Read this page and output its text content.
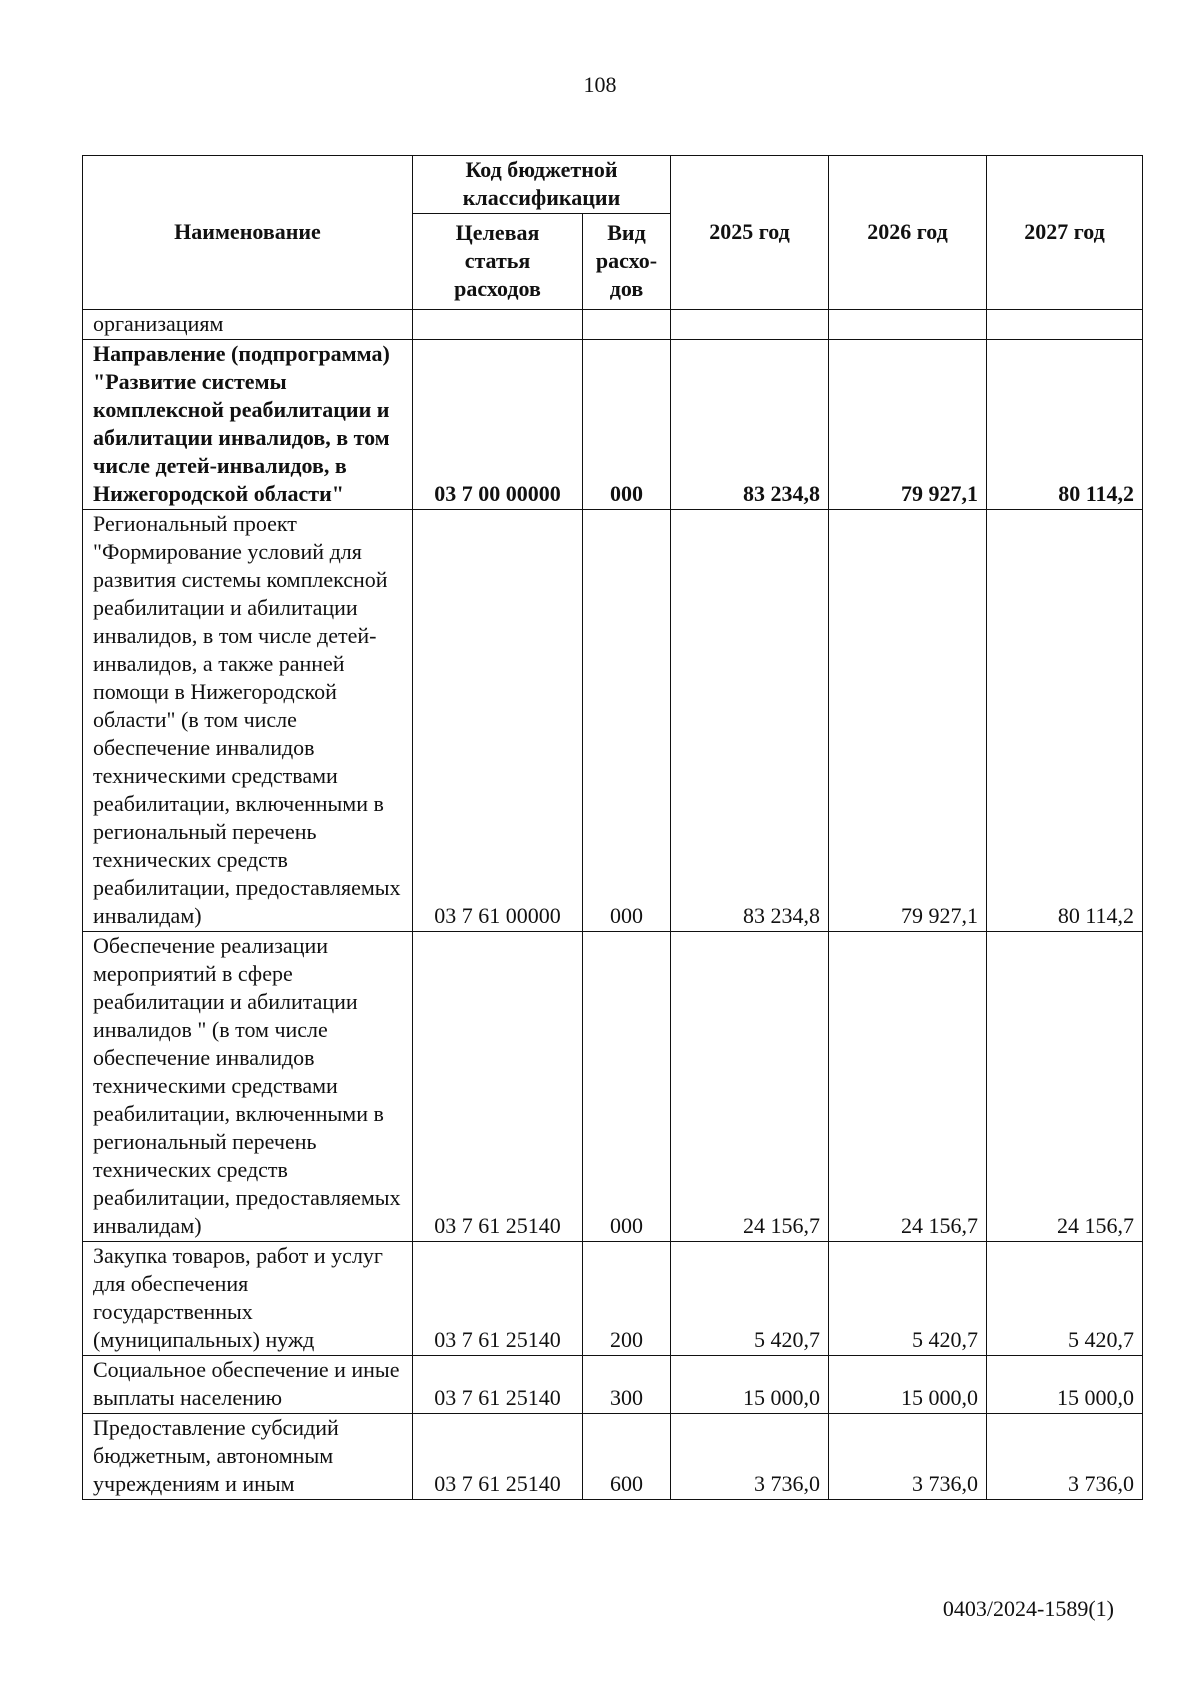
108
Наименование	Код бюджетной классификации		2025 год	2026 год	2027 год
	Целевая статья расходов	Вид расхо-дов			
организациям					
Направление (подпрограмма) "Развитие системы комплексной реабилитации и абилитации инвалидов, в том числе детей-инвалидов, в Нижегородской области"	03 7 00 00000	000	83 234,8	79 927,1	80 114,2
Региональный проект "Формирование условий для развития системы комплексной реабилитации и абилитации инвалидов, в том числе детей-инвалидов, а также ранней помощи в Нижегородской области" (в том числе обеспечение инвалидов техническими средствами реабилитации, включенными в региональный перечень технических средств реабилитации, предоставляемых инвалидам)	03 7 61 00000	000	83 234,8	79 927,1	80 114,2
Обеспечение реализации мероприятий в сфере реабилитации и абилитации инвалидов " (в том числе обеспечение инвалидов техническими средствами реабилитации, включенными в региональный перечень технических средств реабилитации, предоставляемых инвалидам)	03 7 61 25140	000	24 156,7	24 156,7	24 156,7
Закупка товаров, работ и услуг для обеспечения государственных (муниципальных) нужд	03 7 61 25140	200	5 420,7	5 420,7	5 420,7
Социальное обеспечение и иные выплаты населению	03 7 61 25140	300	15 000,0	15 000,0	15 000,0
Предоставление субсидий бюджетным, автономным учреждениям и иным	03 7 61 25140	600	3 736,0	3 736,0	3 736,0
0403/2024-1589(1)
